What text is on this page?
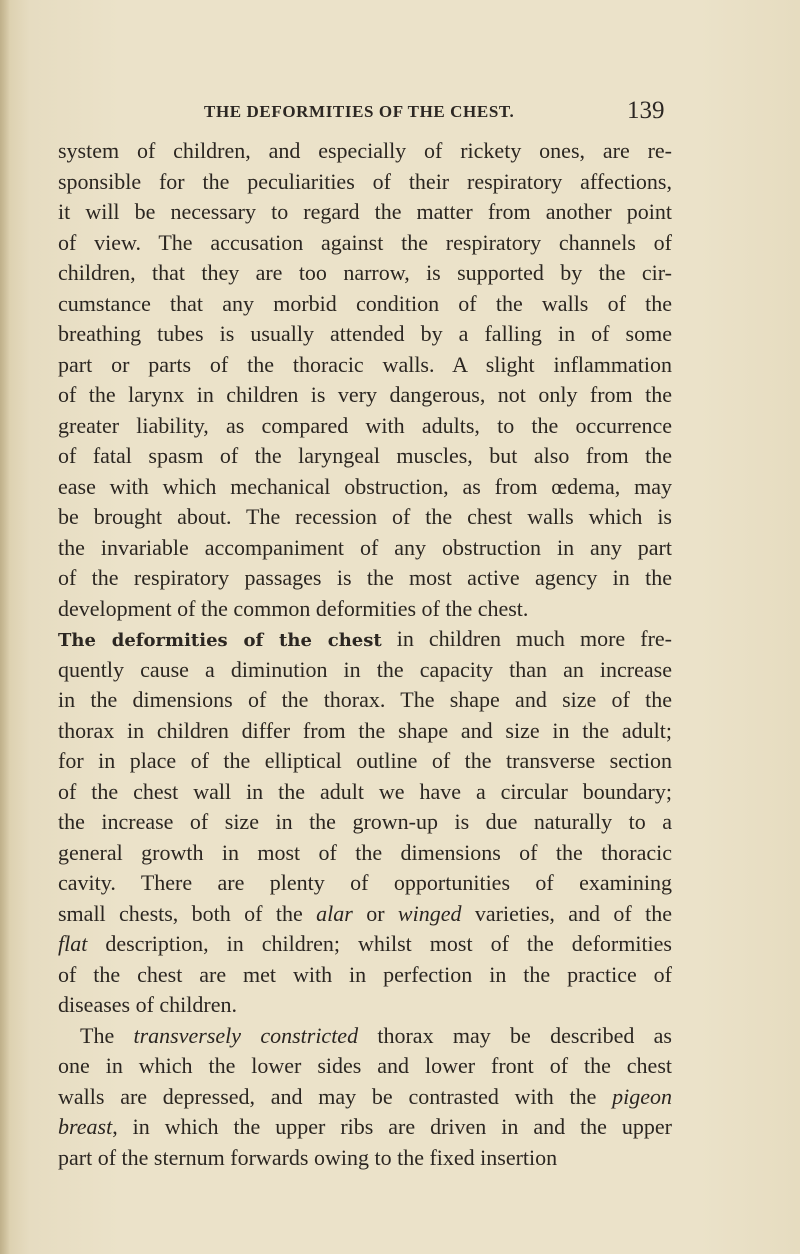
THE DEFORMITIES OF THE CHEST.	139
system of children, and especially of rickety ones, are re-
sponsible for the peculiarities of their respiratory affections,
it will be necessary to regard the matter from another point
of view. The accusation against the respiratory channels of
children, that they are too narrow, is supported by the cir-
cumstance that any morbid condition of the walls of the
breathing tubes is usually attended by a falling in of some
part or parts of the thoracic walls. A slight inflammation
of the larynx in children is very dangerous, not only from the
greater liability, as compared with adults, to the occurrence
of fatal spasm of the laryngeal muscles, but also from the
ease with which mechanical obstruction, as from œdema, may
be brought about. The recession of the chest walls which is
the invariable accompaniment of any obstruction in any part
of the respiratory passages is the most active agency in the
development of the common deformities of the chest.
The deformities of the chest in children much more fre-
quently cause a diminution in the capacity than an increase
in the dimensions of the thorax. The shape and size of the
thorax in children differ from the shape and size in the adult;
for in place of the elliptical outline of the transverse section
of the chest wall in the adult we have a circular boundary;
the increase of size in the grown-up is due naturally to a
general growth in most of the dimensions of the thoracic
cavity. There are plenty of opportunities of examining
small chests, both of the alar or winged varieties, and of the
flat description, in children; whilst most of the deformities
of the chest are met with in perfection in the practice of
diseases of children.
The transversely constricted thorax may be described as
one in which the lower sides and lower front of the chest
walls are depressed, and may be contrasted with the pigeon
breast, in which the upper ribs are driven in and the upper
part of the sternum forwards owing to the fixed insertion
